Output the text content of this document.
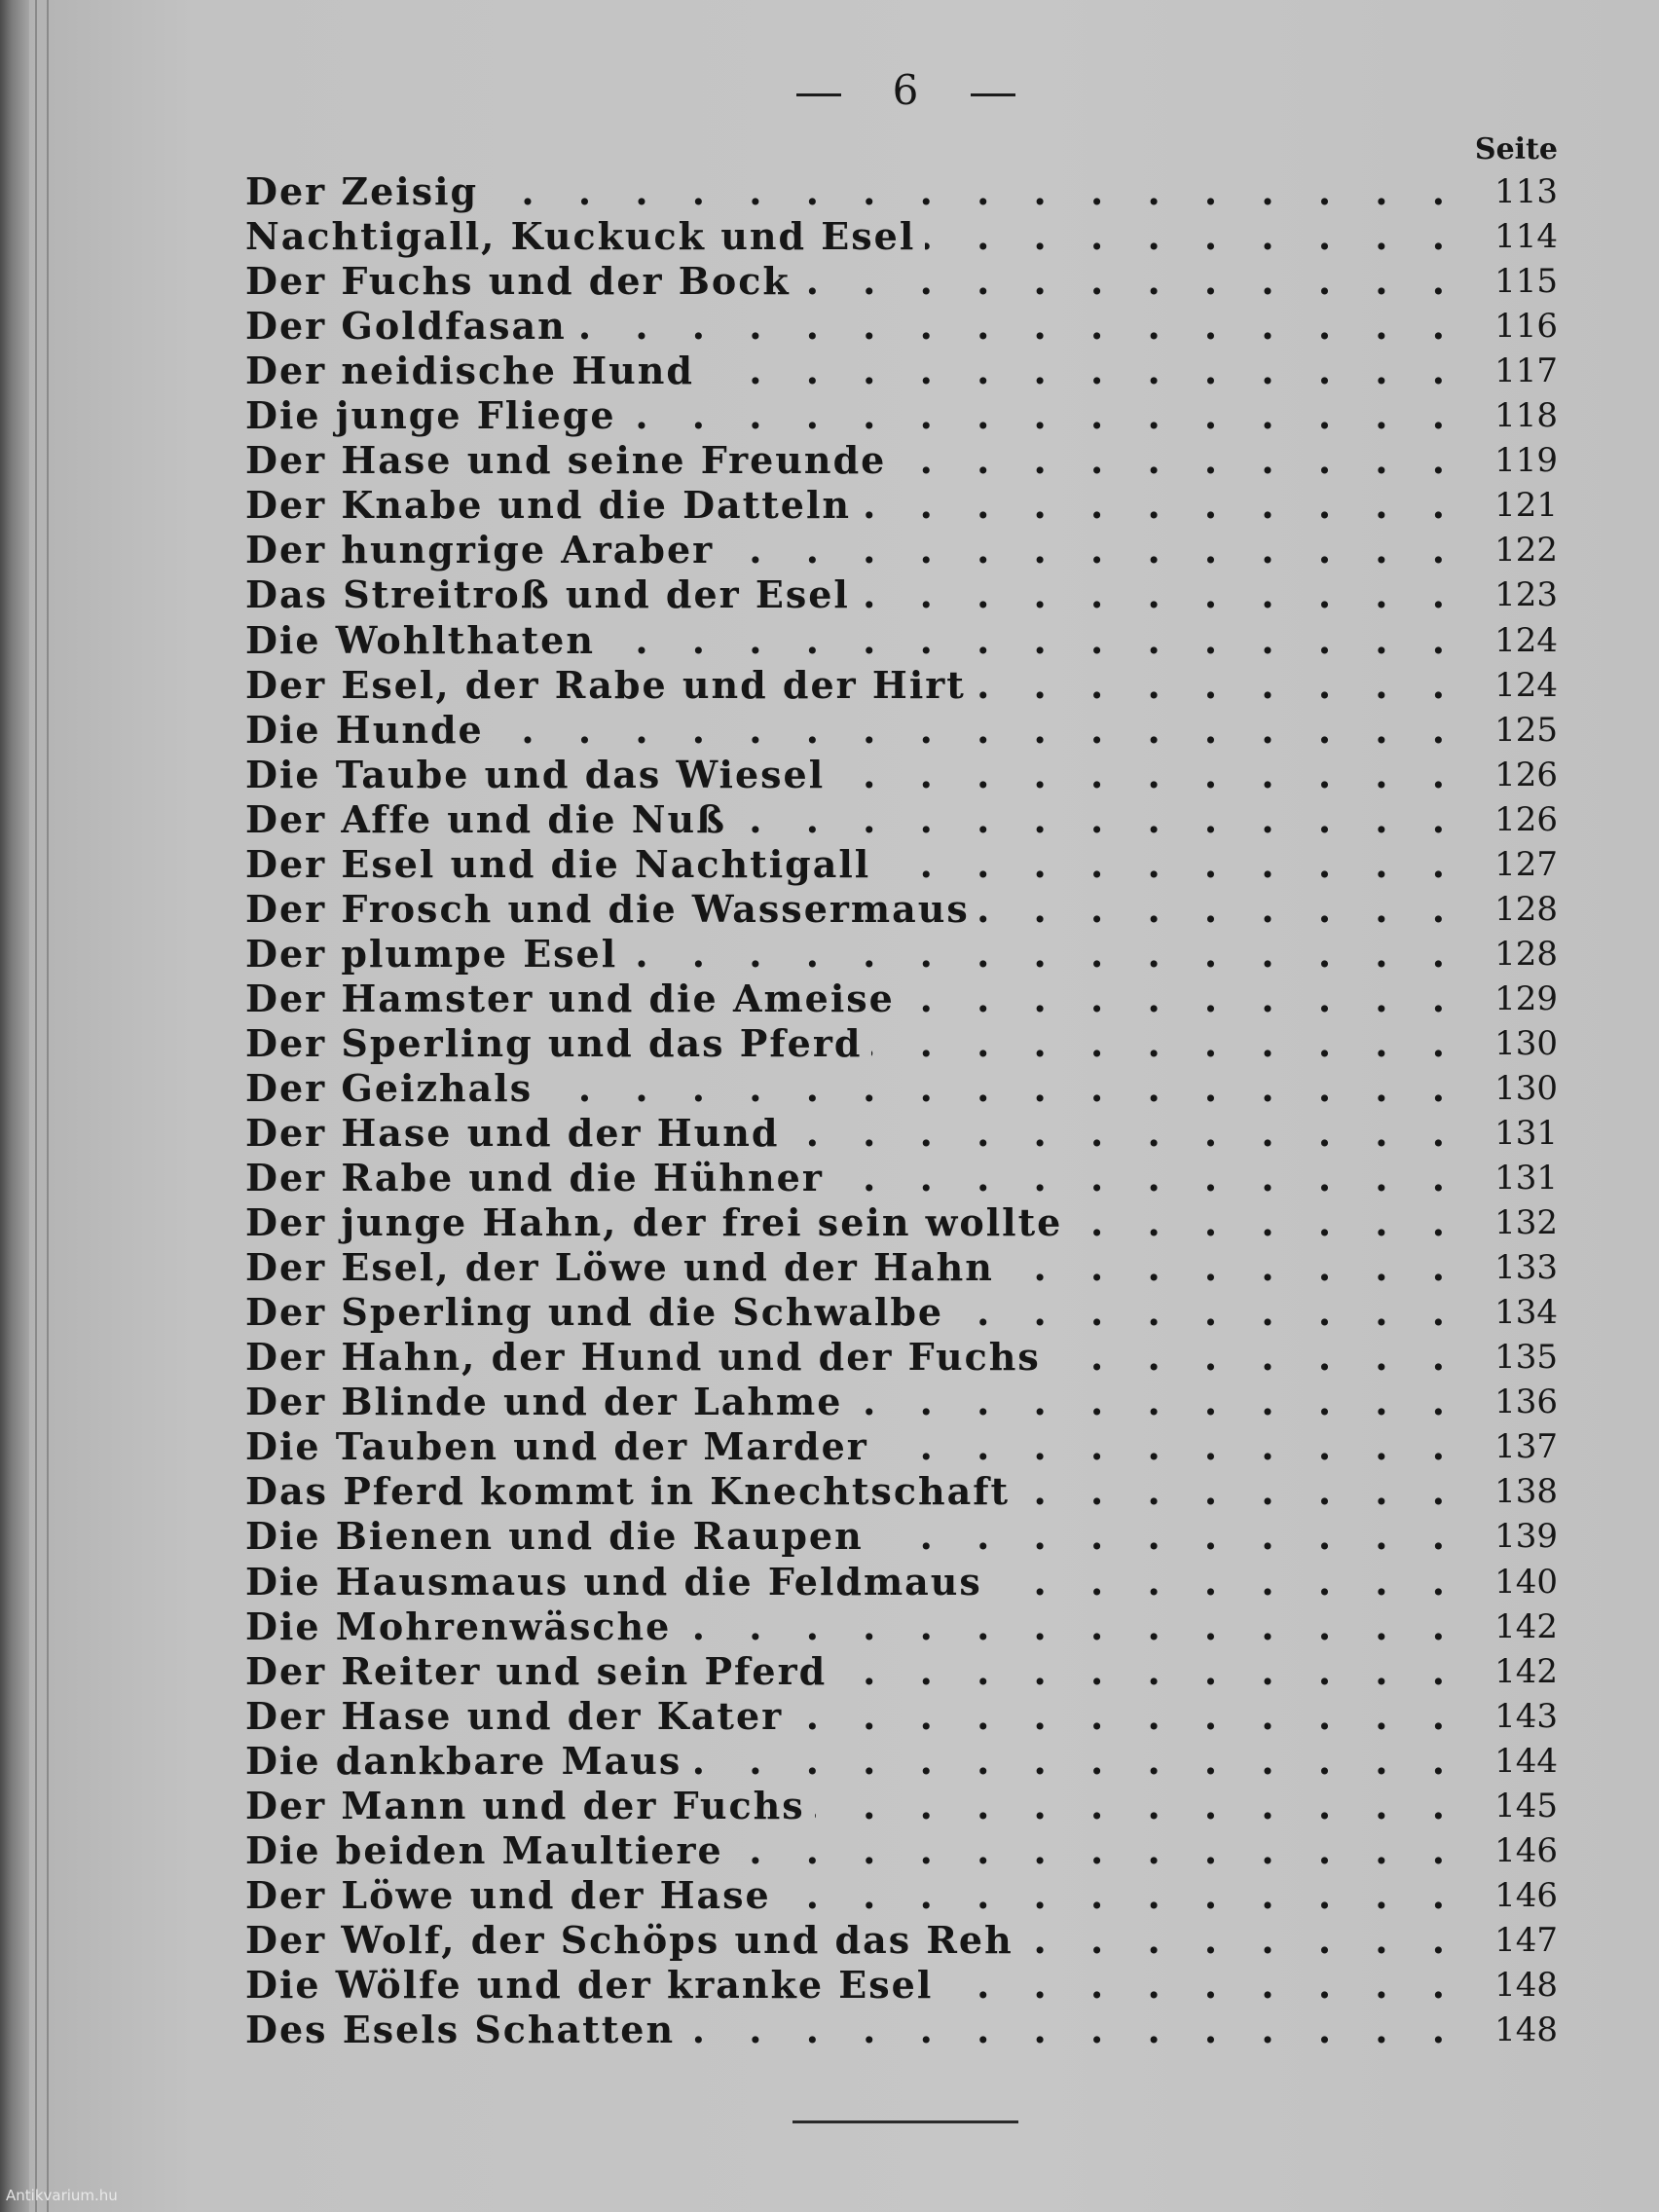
6
Seite
Der Zeisig . . .	113
Nachtigall, Kuckuck und Esel . . .	114
Der Fuchs und der Bock . . .	115
Der Goldfasan . . .	116
Der neidische Hund . . .	117
Die junge Fliege . . .	118
Der Hase und seine Freunde . . .	119
Der Knabe und die Datteln . . .	121
Der hungrige Araber . . .	122
Das Streitroß und der Esel . . .	123
Die Wohlthaten . . .	124
Der Esel, der Rabe und der Hirt . . .	124
Die Hunde . . .	125
Die Taube und das Wiesel . . .	126
Der Affe und die Nuß . . .	126
Der Esel und die Nachtigall . . .	127
Der Frosch und die Wassermaus . . .	128
Der plumpe Esel . . .	128
Der Hamster und die Ameise . . .	129
Der Sperling und das Pferd . . .	130
Der Geizhals . . .	130
Der Hase und der Hund . . .	131
Der Rabe und die Hühner . . .	131
Der junge Hahn, der frei sein wollte . . .	132
Der Esel, der Löwe und der Hahn . . .	133
Der Sperling und die Schwalbe . . .	134
Der Hahn, der Hund und der Fuchs . . .	135
Der Blinde und der Lahme . . .	136
Die Tauben und der Marder . . .	137
Das Pferd kommt in Knechtschaft . . .	138
Die Bienen und die Raupen . . .	139
Die Hausmaus und die Feldmaus . . .	140
Die Mohrenwäsche . . .	142
Der Reiter und sein Pferd . . .	142
Der Hase und der Kater . . .	143
Die dankbare Maus . . .	144
Der Mann und der Fuchs . . .	145
Die beiden Maultiere . . .	146
Der Löwe und der Hase . . .	146
Der Wolf, der Schöps und das Reh . . .	147
Die Wölfe und der kranke Esel . . .	148
Des Esels Schatten . . .	148
Antikvarium.hu
